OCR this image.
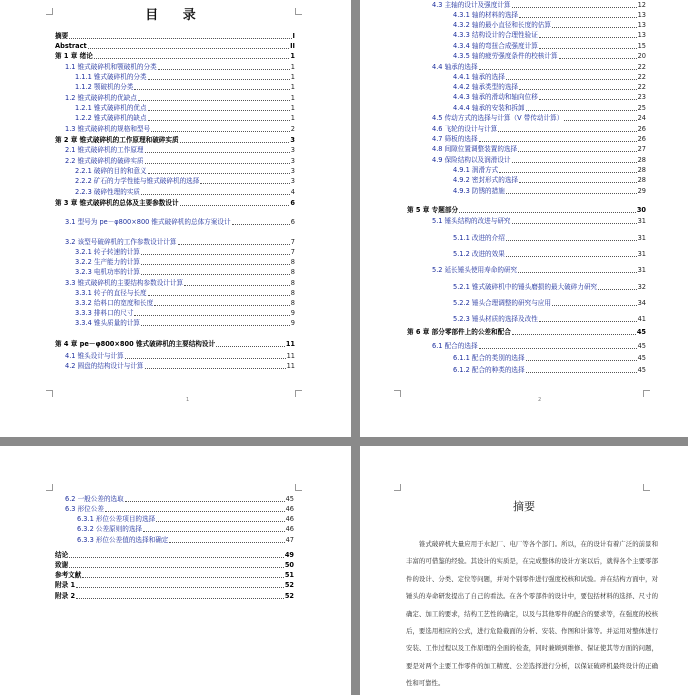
目 录
摘要	I
Abstract	II
第 1 章 绪论	1
1.1 锥式破碎机和颚破机的分类	1
1.1.1 锥式破碎机的分类	1
1.1.2 颚破机的分类	1
1.2 锥式破碎机的优缺点	1
1.2.1 锥式破碎机的优点	1
1.2.2 锥式破碎机的缺点	1
1.3 锥式破碎机的规格和型号	2
第 2 章 锥式破碎机的工作原理和破碎实质	3
2.1 锥式破碎机的工作原理	3
2.2 锥式破碎机的破碎实质	3
2.2.1 破碎的目的和意义	3
2.2.2 矿石的力学性能与锥式破碎机的选择	3
2.2.3 破碎性理的实质	4
第 3 章 锥式破碎机的总体及主要参数设计	6
3.1 型号为 pe－φ800×800 锥式破碎机的总体方案设计	6
3.2 该型号破碎机的工作参数设计计算	7
3.2.1 转子转速的计算	7
3.2.2 生产能力的计算	8
3.2.3 电机功率的计算	8
3.3 锥式破碎机的主要结构参数设计计算	8
3.3.1 转子的直径与长度	8
3.3.2 给料口的宽度和长度	8
3.3.3 排料口的尺寸	9
3.3.4 锥头质量的计算	9
第 4 章 pe－φ800×800 锥式破碎机的主要结构设计	11
4.1 锥头设计与计算	11
4.2 圆盘的结构设计与计算	11
1
4.3 主轴的设计及强度计算	12
4.3.1 轴的材料的选择	13
4.3.2 轴的最小直径和长度的估算	13
4.3.3 结构设计的合理性验证	13
4.3.4 轴的弯扭合成强度计算	15
4.3.5 轴的疲劳强度条件的校核计算	20
4.4 轴承的选择	22
4.4.1 轴承的选择	22
4.4.2 轴承类型的选择	22
4.4.3 轴承的滑动和轴向位移	23
4.4.4 轴承的安装和拆卸	25
4.5 传动方式的选择与计算（V 带传动计算）	24
4.6 飞轮的设计与计算	26
4.7 筛板的选择	26
4.8 间隙位置调整装置的选择	27
4.9 保险结构以及润滑设计	28
4.9.1 润滑方式	28
4.9.2 密封形式的选择	28
4.9.3 防锈的措施	29
第 5 章 专题部分	30
5.1 锤头结构的改进与研究	31
5.1.1 改进的介绍	31
5.1.2 改进的效果	31
5.2 延长锤头使用寿命的研究	31
5.2.1 锥式破碎机中的锤头磨损的最大破碎力研究	32
5.2.2 锤头合理调整的研究与应用	34
5.2.3 锤头材质的选择及改性	41
第 6 章 部分零部件上的公差和配合	45
6.1 配合的选择	45
6.1.1 配合的类别的选择	45
6.1.2 配合的种类的选择	45
2
6.2 一般公差的选取	45
6.3 形位公差	46
6.3.1 形位公差项目的选择	46
6.3.2 公差原则的选择	46
6.3.3 形位公差值的选择和确定	47
结论	49
致谢	50
参考文献	51
附录 1	52
附录 2	52
摘要

锥式破碎机大量应用于水泥厂、电厂等各个部门。所以，在的设计有着广泛的前景和丰富的可借鉴的经验。其设计的实质是，在完成整体的设计方案以后，就得各个主要零部件的设计、分类、定位等问题，并对个别零件进行强度校核和试验。并在结构方面中，对锤头的寿命研发提出了自己的看法。在各个零部件的设计中，要包括材料的选择、尺寸的确定、加工的要求，结构工艺性的确定，以及与其他零件的配合的要求等，在强度的校核后，要选用相应的公式，进行危险截面的分析、安装、作图和计算等。并运用对整体进行安装、工作过程以及工作原理的全面的检查，同时兼顾到维修、保证使其等方面的问题，要是对两个主要工作零件的加工精度、公差选择进行分析，以保证破碎机最终设计的正确性和可靠性。
